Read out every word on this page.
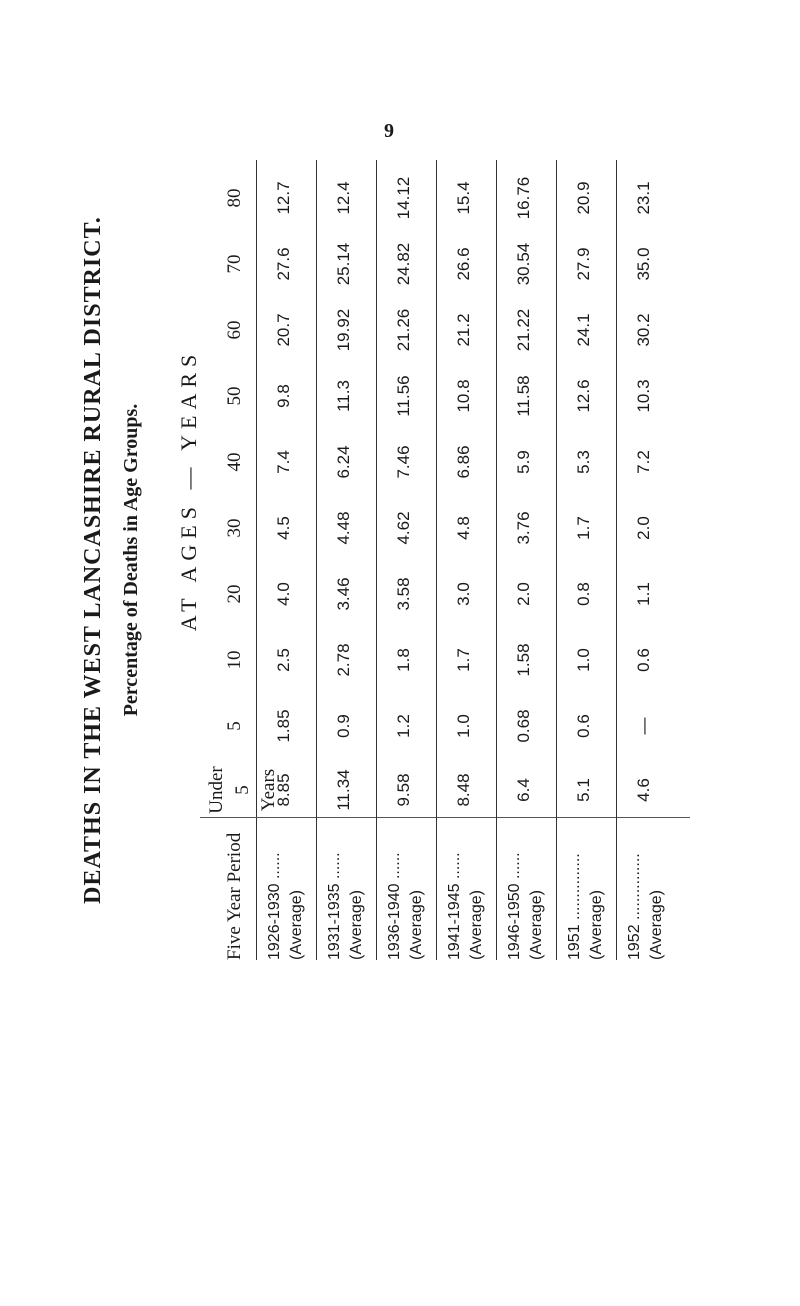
9
DEATHS IN THE WEST LANCASHIRE RURAL DISTRICT. Percentage of Deaths in Age Groups. AT AGES — YEARS
Five Year Period
Under 5 Years
5
10
20
30
40
50
60
70
80
1926-1930 ...... (Average)
8.85
1.85
2.5
4.0
4.5
7.4
9.8
20.7
27.6
12.7
1931-1935 ...... (Average)
11.34
0.9
2.78
3.46
4.48
6.24
11.3
19.92
25.14
12.4
1936-1940 ...... (Average)
9.58
1.2
1.8
3.58
4.62
7.46
11.56
21.26
24.82
14.12
1941-1945 ...... (Average)
8.48
1.0
1.7
3.0
4.8
6.86
10.8
21.2
26.6
15.4
1946-1950 ...... (Average)
6.4
0.68
1.58
2.0
3.76
5.9
11.58
21.22
30.54
16.76
1951 ............... (Average)
5.1
0.6
1.0
0.8
1.7
5.3
12.6
24.1
27.9
20.9
1952 ............... (Average)
4.6
—
0.6
1.1
2.0
7.2
10.3
30.2
35.0
23.1
